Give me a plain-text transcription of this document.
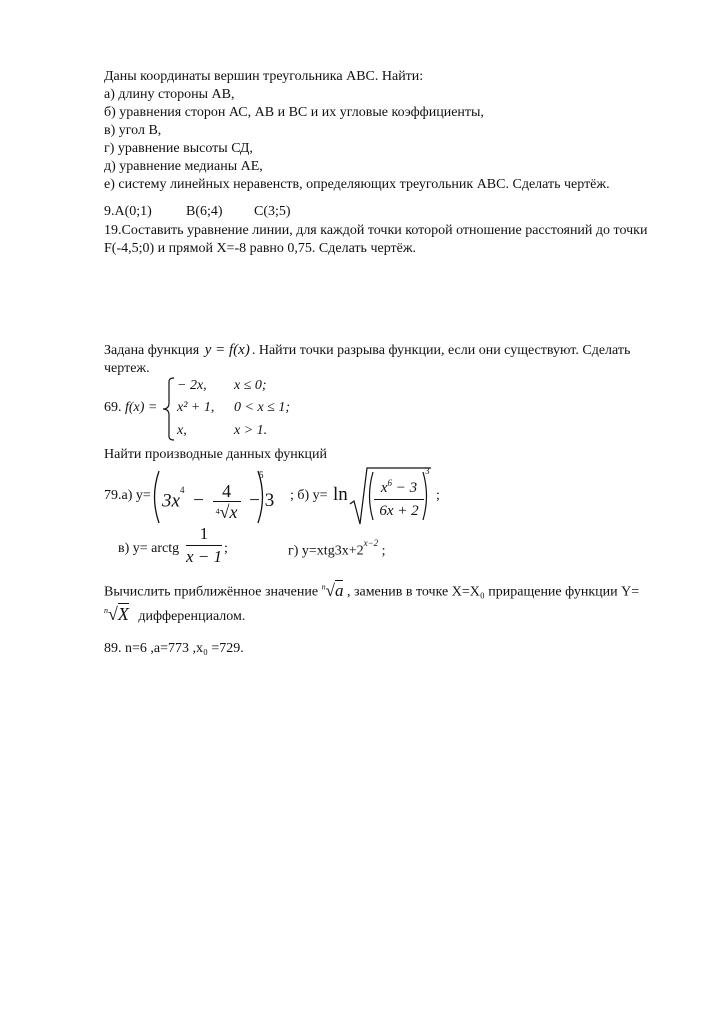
Даны координаты вершин треугольника АВС. Найти:
а) длину стороны АВ,
б) уравнения сторон АС, АВ и ВС и их угловые коэффициенты,
в) угол В,
г) уравнение высоты СД,
д) уравнение медианы АЕ,
е) систему линейных неравенств, определяющих треугольник АВС. Сделать чертёж.
9.А(0;1) В(6;4) С(3;5)
19.Составить уравнение линии, для каждой точки которой отношение расстояний до точки
F(-4,5;0) и прямой X=-8 равно 0,75. Сделать чертёж.
Задана функция y = f(x) . Найти точки разрыва функции, если они существуют. Сделать
чертеж.
69. f(x) =
− 2x, x ≤ 0;
x² + 1, 0 < x ≤ 1;
x,	x > 1.
Найти производные данных функций
79.а) $y= 3x^4 - \frac{4}{^4√x} - 3$
5
; б) y= ln	$x^6 - 3$
6x + 2
3
;
в) y= arctg
1
x − 1 ;	г) $y=xtg3x+2^{x-2}$ ;
Вычислить приближённое значение $^n$√a , заменив в точке X=X₀ приращение функции Y=
$^n$√X дифференциалом.
89. n=6 ,a=773 ,x₀ =729.
